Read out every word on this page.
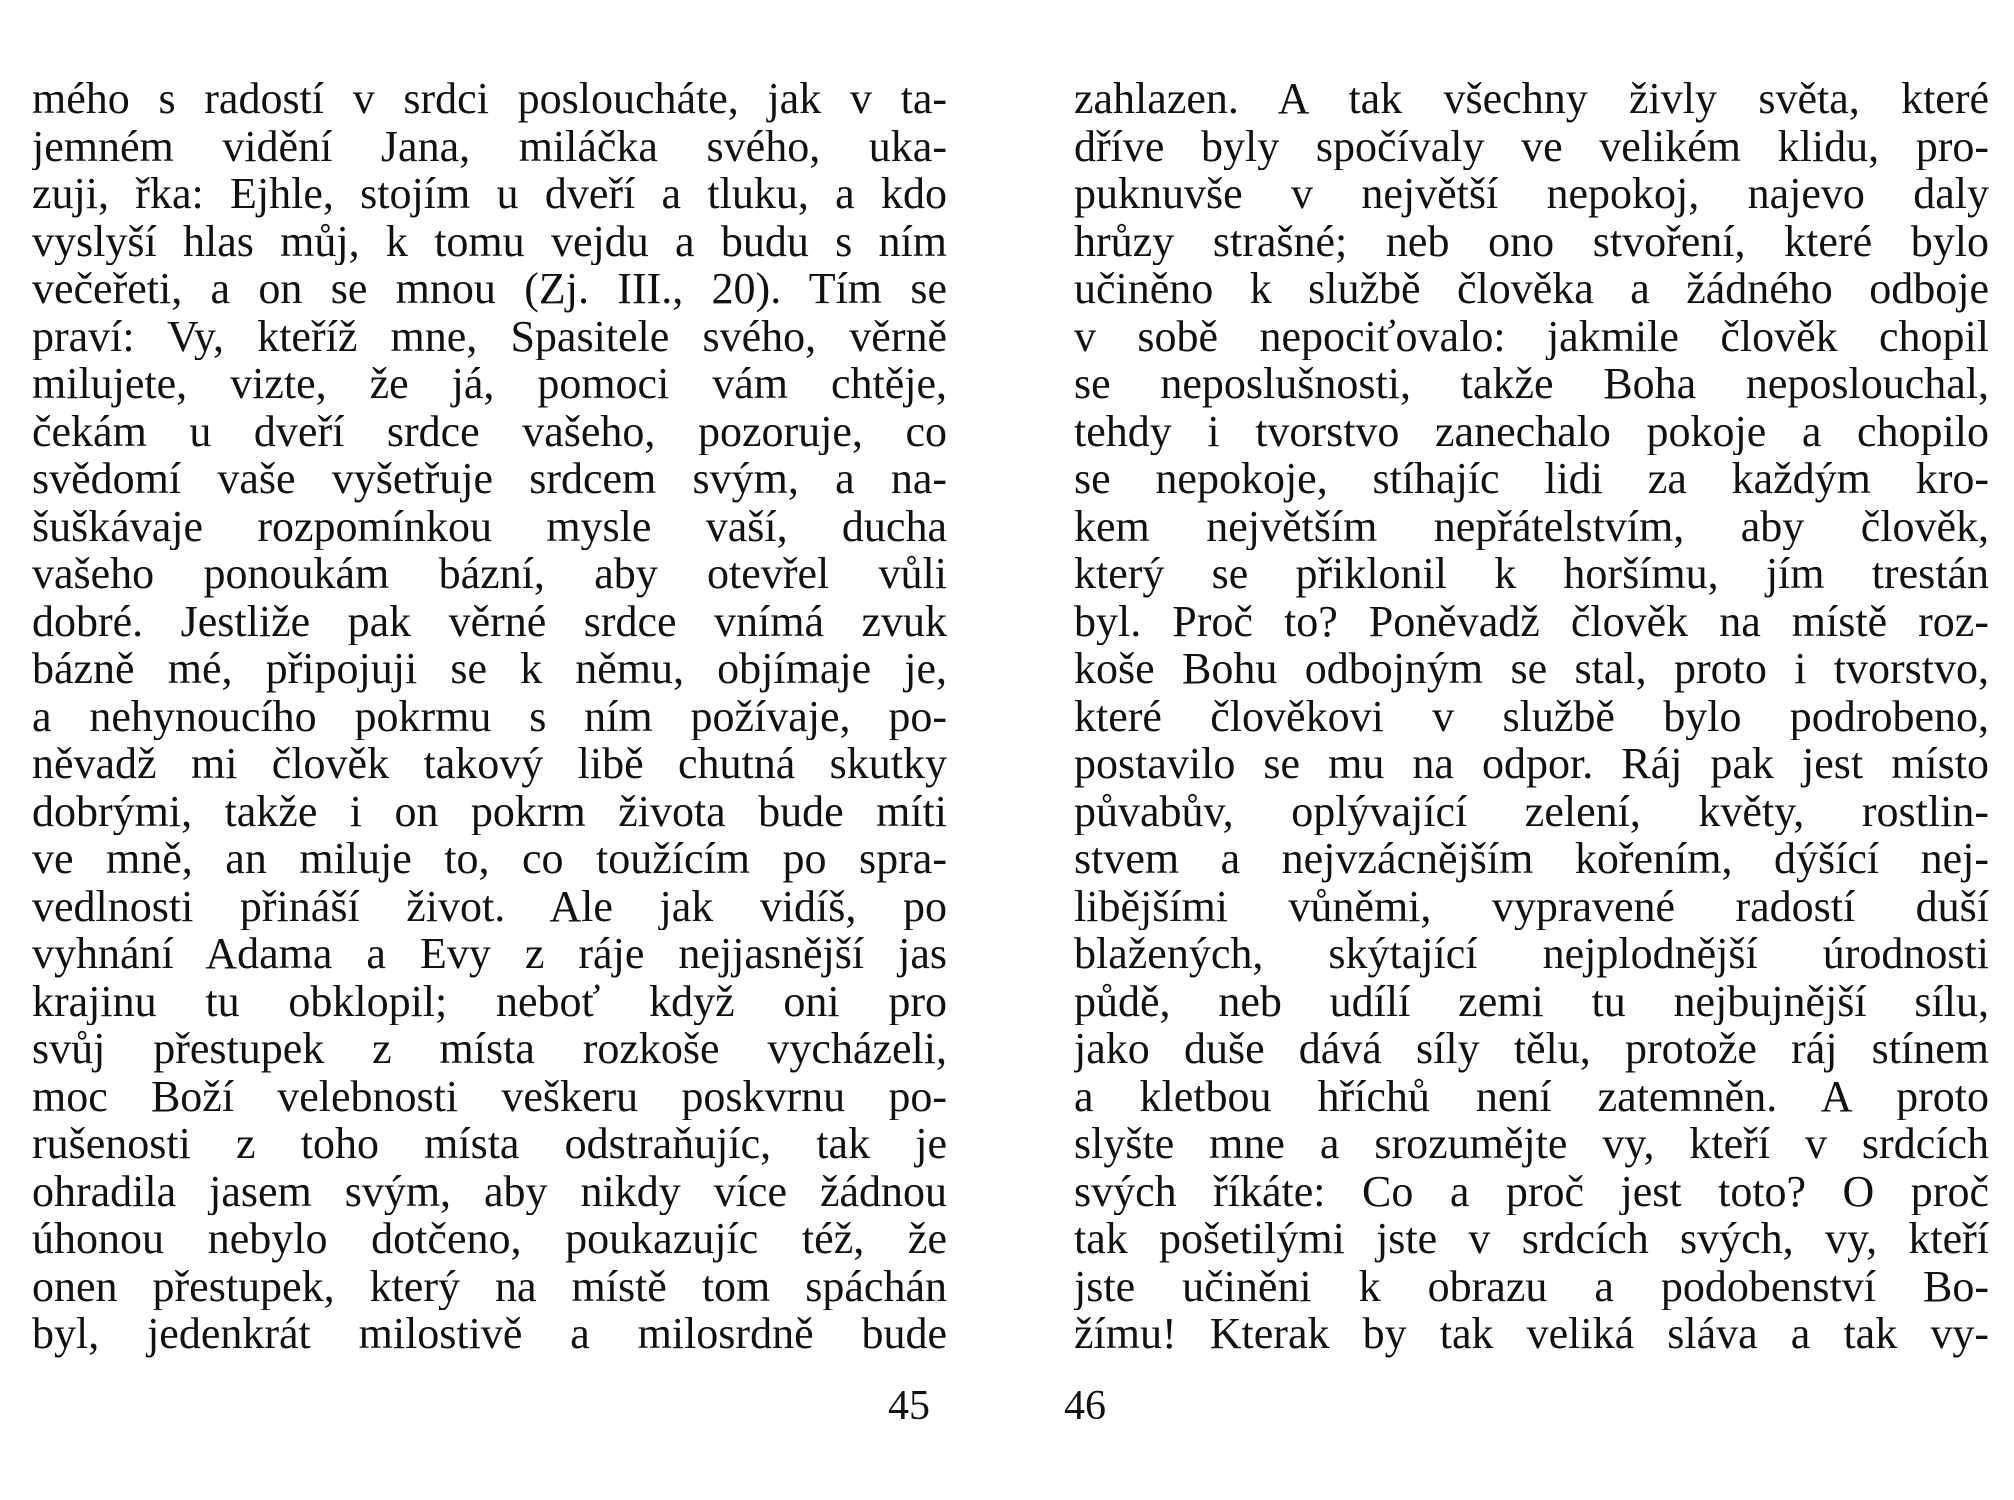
mého s radostí v srdci posloucháte, jak v ta-
jemném vidění Jana, miláčka svého, uka-
zuji, řka: Ejhle, stojím u dveří a tluku, a kdo
vyslyší hlas můj, k tomu vejdu a budu s ním
večeřeti, a on se mnou (Zj. III., 20). Tím se
praví: Vy, kteříž mne, Spasitele svého, věrně
milujete, vizte, že já, pomoci vám chtěje,
čekám u dveří srdce vašeho, pozoruje, co
svědomí vaše vyšetřuje srdcem svým, a na-
šuškávaje rozpomínkou mysle vaší, ducha
vašeho ponoukám bázní, aby otevřel vůli
dobré. Jestliže pak věrné srdce vnímá zvuk
bázně mé, připojuji se k němu, objímaje je,
a nehynoucího pokrmu s ním požívaje, po-
něvadž mi člověk takový libě chutná skutky
dobrými, takže i on pokrm života bude míti
ve mně, an miluje to, co toužícím po spra-
vedlnosti přináší život. Ale jak vidíš, po
vyhnání Adama a Evy z ráje nejjasnější jas
krajinu tu obklopil; neboť když oni pro
svůj přestupek z místa rozkoše vycházeli,
moc Boží velebnosti veškeru poskvrnu po-
rušenosti z toho místa odstraňujíc, tak je
ohradila jasem svým, aby nikdy více žádnou
úhonou nebylo dotčeno, poukazujíc též, že
onen přestupek, který na místě tom spáchán
byl, jedenkrát milostivě a milosrdně bude
45
zahlazen. A tak všechny živly světa, které
dříve byly spočívaly ve velikém klidu, pro-
puknuvše v největší nepokoj, najevo daly
hrůzy strašné; neb ono stvoření, které bylo
učiněno k službě člověka a žádného odboje
v sobě nepociťovalo: jakmile člověk chopil
se neposlušnosti, takže Boha neposlouchal,
tehdy i tvorstvo zanechalo pokoje a chopilo
se nepokoje, stíhajíc lidi za každým kro-
kem největším nepřátelstvím, aby člověk,
který se přiklonil k horšímu, jím trestán
byl. Proč to? Poněvadž člověk na místě roz-
koše Bohu odbojným se stal, proto i tvorstvo,
které člověkovi v službě bylo podrobeno,
postavilo se mu na odpor. Ráj pak jest místo
půvabův, oplývající zelení, květy, rostlin-
stvem a nejvzácnějším kořením, dýšící nej-
libějšími vůněmi, vypravené radostí duší
blažených, skýtající nejplodnější úrodnosti
půdě, neb udílí zemi tu nejbujnější sílu,
jako duše dává síly tělu, protože ráj stínem
a kletbou hříchů není zatemněn. A proto
slyšte mne a srozumějte vy, kteří v srdcích
svých říkáte: Co a proč jest toto? O proč
tak pošetilými jste v srdcích svých, vy, kteří
jste učiněni k obrazu a podobenství Bo-
žímu! Kterak by tak veliká sláva a tak vy-
46
